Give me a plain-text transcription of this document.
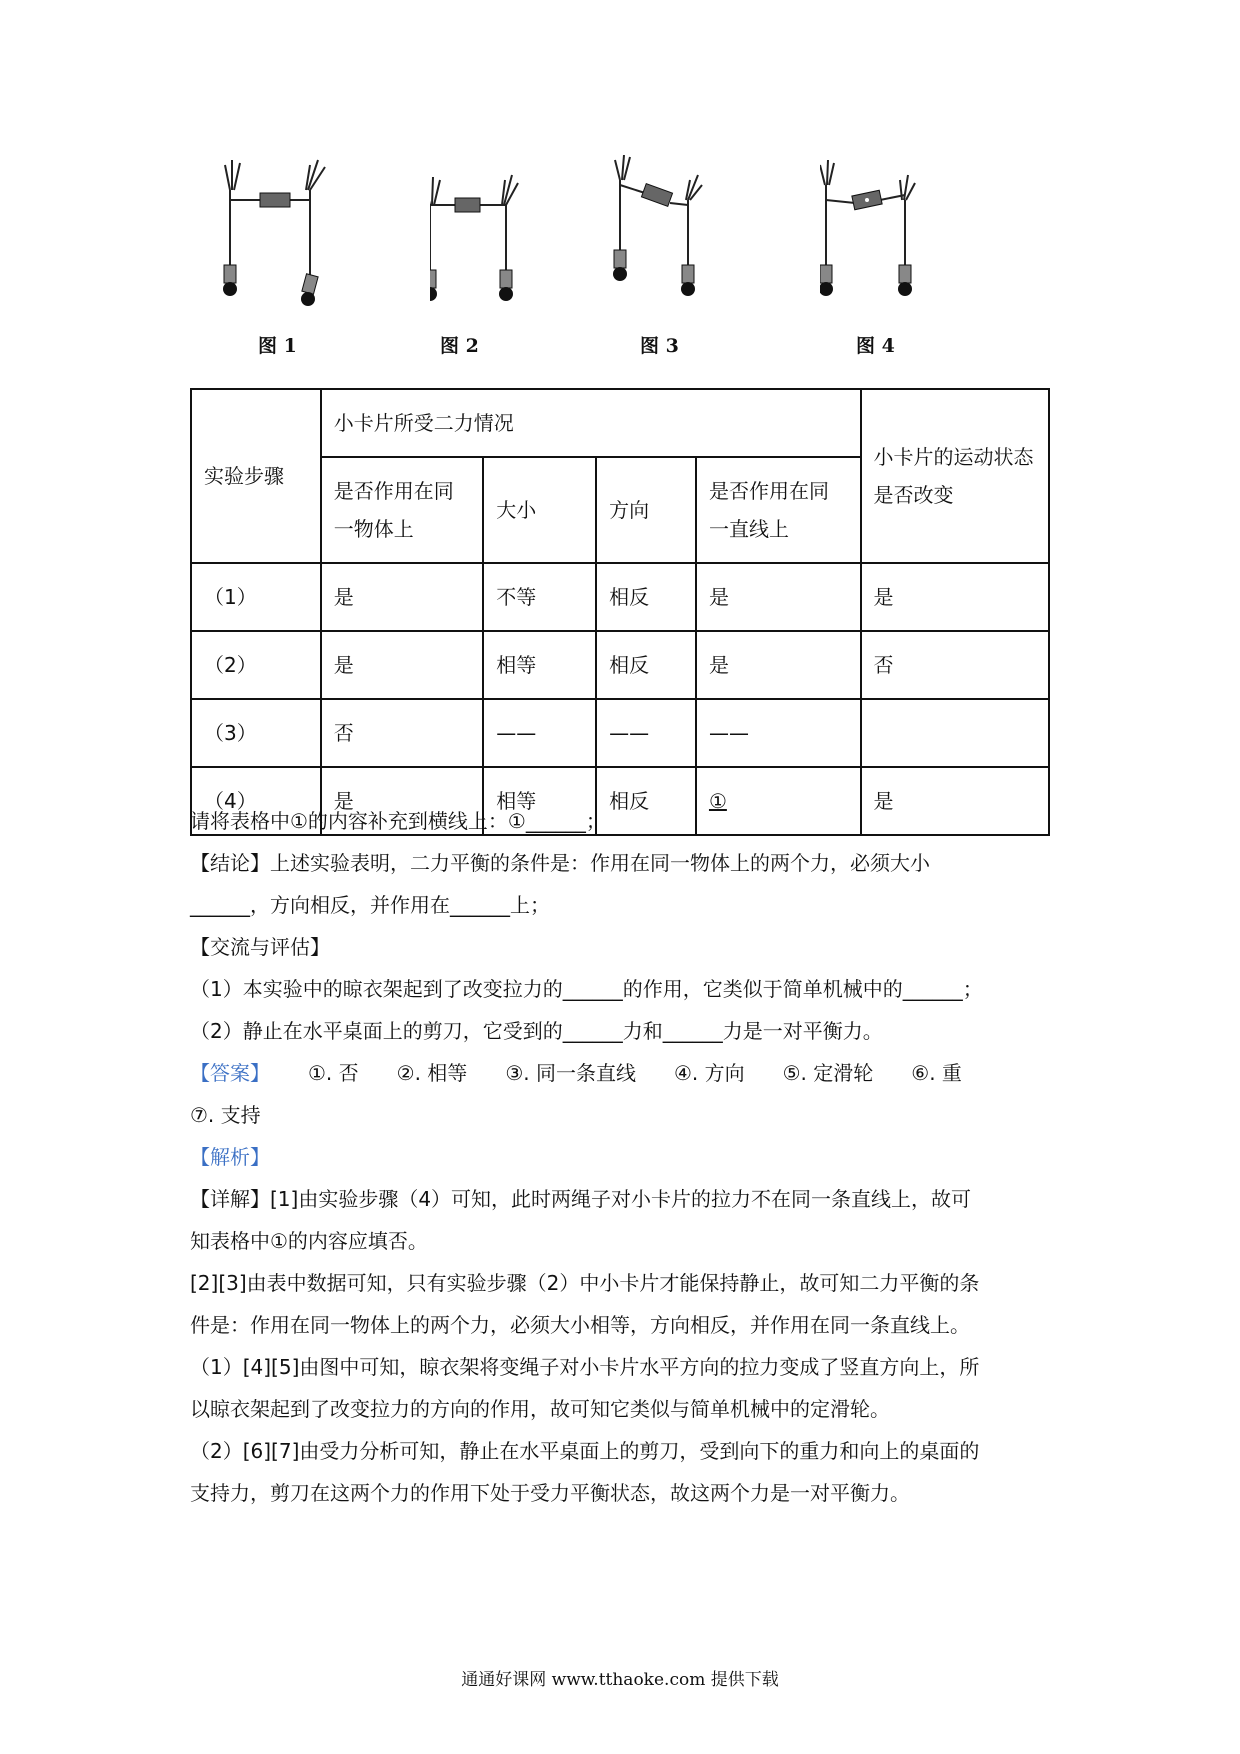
图 1	图 2	图 3	图 4
实验步骤	小卡片所受二力情况				小卡片的运动状态是否改变
	是否作用在同一物体上	大小	方向	是否作用在同一直线上	
（1）	是	不等	相反	是	是
（2）	是	相等	相反	是	否
（3）	否	——	——	——	
（4）	是	相等	相反	①	是
请将表格中①的内容补充到横线上：①______；
【结论】上述实验表明，二力平衡的条件是：作用在同一物体上的两个力，必须大小
______，方向相反，并作用在______上；
【交流与评估】
（1）本实验中的晾衣架起到了改变拉力的______的作用，它类似于简单机械中的______；
（2）静止在水平桌面上的剪刀，它受到的______力和______力是一对平衡力。
【答案】 ①. 否 ②. 相等 ③. 同一条直线 ④. 方向 ⑤. 定滑轮 ⑥. 重
⑦. 支持
【解析】
【详解】[1]由实验步骤（4）可知，此时两绳子对小卡片的拉力不在同一条直线上，故可
知表格中①的内容应填否。
[2][3]由表中数据可知，只有实验步骤（2）中小卡片才能保持静止，故可知二力平衡的条
件是：作用在同一物体上的两个力，必须大小相等，方向相反，并作用在同一条直线上。
（1）[4][5]由图中可知，晾衣架将变绳子对小卡片水平方向的拉力变成了竖直方向上，所
以晾衣架起到了改变拉力的方向的作用，故可知它类似与简单机械中的定滑轮。
（2）[6][7]由受力分析可知，静止在水平桌面上的剪刀，受到向下的重力和向上的桌面的
支持力，剪刀在这两个力的作用下处于受力平衡状态，故这两个力是一对平衡力。
通通好课网 www.tthaoke.com 提供下载
